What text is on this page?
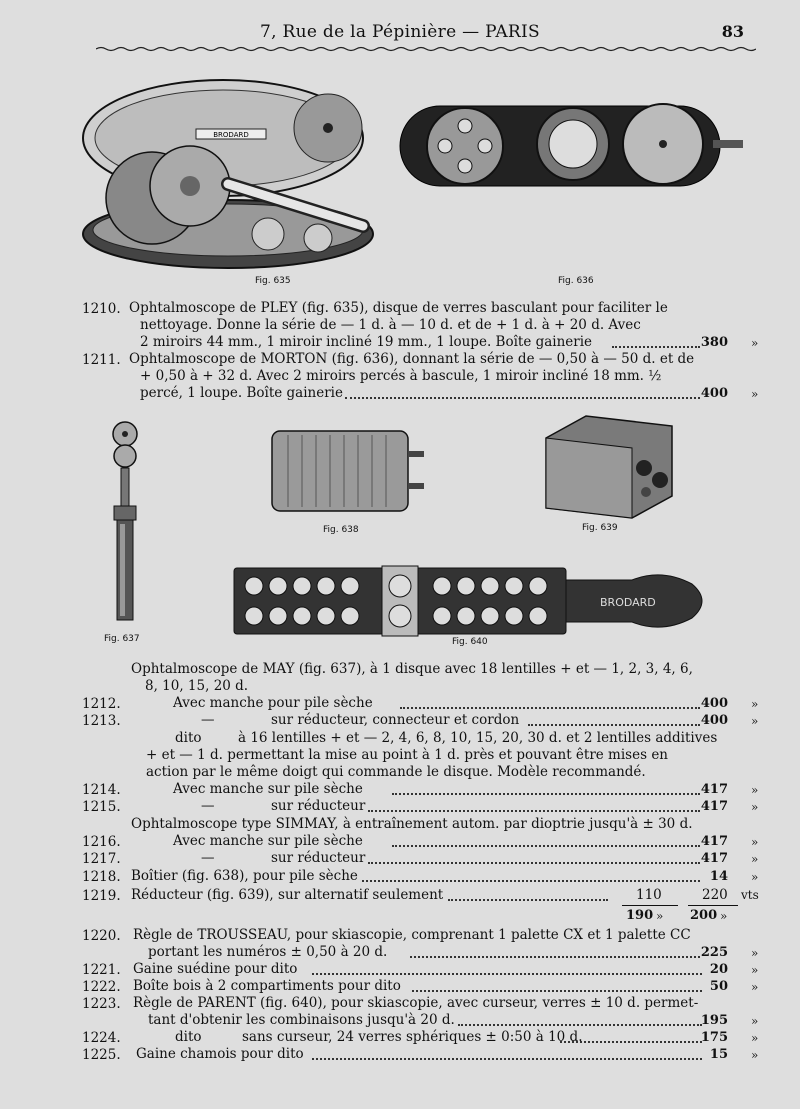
7, Rue de la Pépinière — PARIS	83
BRODARD
Fig. 635	Fig. 636
1210. Ophtalmoscope de PLEY (fig. 635), disque de verres basculant pour faciliter le
nettoyage. Donne la série de — 1 d. à — 10 d. et de + 1 d. à + 20 d. Avec
2 miroirs 44 mm., 1 miroir incliné 19 mm., 1 loupe. Boîte gainerie	380 »
1211. Ophtalmoscope de MORTON (fig. 636), donnant la série de — 0,50 à — 50 d. et de
+ 0,50 à + 32 d. Avec 2 miroirs percés à bascule, 1 miroir incliné 18 mm. ½
percé, 1 loupe. Boîte gainerie	400 »
Fig. 637
Fig. 638	Fig. 639
BRODARD
Fig. 640
Ophtalmoscope de MAY (fig. 637), à 1 disque avec 18 lentilles + et — 1, 2, 3, 4, 6,
8, 10, 15, 20 d.
1212.	Avec manche pour pile sèche	400 »
1213.	—	sur réducteur, connecteur et cordon	400 »
dito	à 16 lentilles + et — 2, 4, 6, 8, 10, 15, 20, 30 d. et 2 lentilles additives
+ et — 1 d. permettant la mise au point à 1 d. près et pouvant être mises en
action par le même doigt qui commande le disque. Modèle recommandé.
1214.	Avec manche sur pile sèche	417 »
1215.	—	sur réducteur	417 »
Ophtalmoscope type SIMMAY, à entraînement autom. par dioptrie jusqu'à ± 30 d.
1216.	Avec manche sur pile sèche	417 »
1217.	—	sur réducteur	417 »
1218. Boîtier (fig. 638), pour pile sèche	14 »
1219. Réducteur (fig. 639), sur alternatif seulement	110	220 vts
190 » 200 »
1220. Règle de TROUSSEAU, pour skiascopie, comprenant 1 palette CX et 1 palette CC
portant les numéros ± 0,50 à 20 d.	225 »
1221. Gaine suédine pour dito	20 »
1222. Boîte bois à 2 compartiments pour dito	50 »
1223. Règle de PARENT (fig. 640), pour skiascopie, avec curseur, verres ± 10 d. permet-
tant d'obtenir les combinaisons jusqu'à 20 d.	195 »
1224.	dito	sans curseur, 24 verres sphériques ± 0:50 à 10 d.	175 »
1225. Gaine chamois pour dito	15 »
